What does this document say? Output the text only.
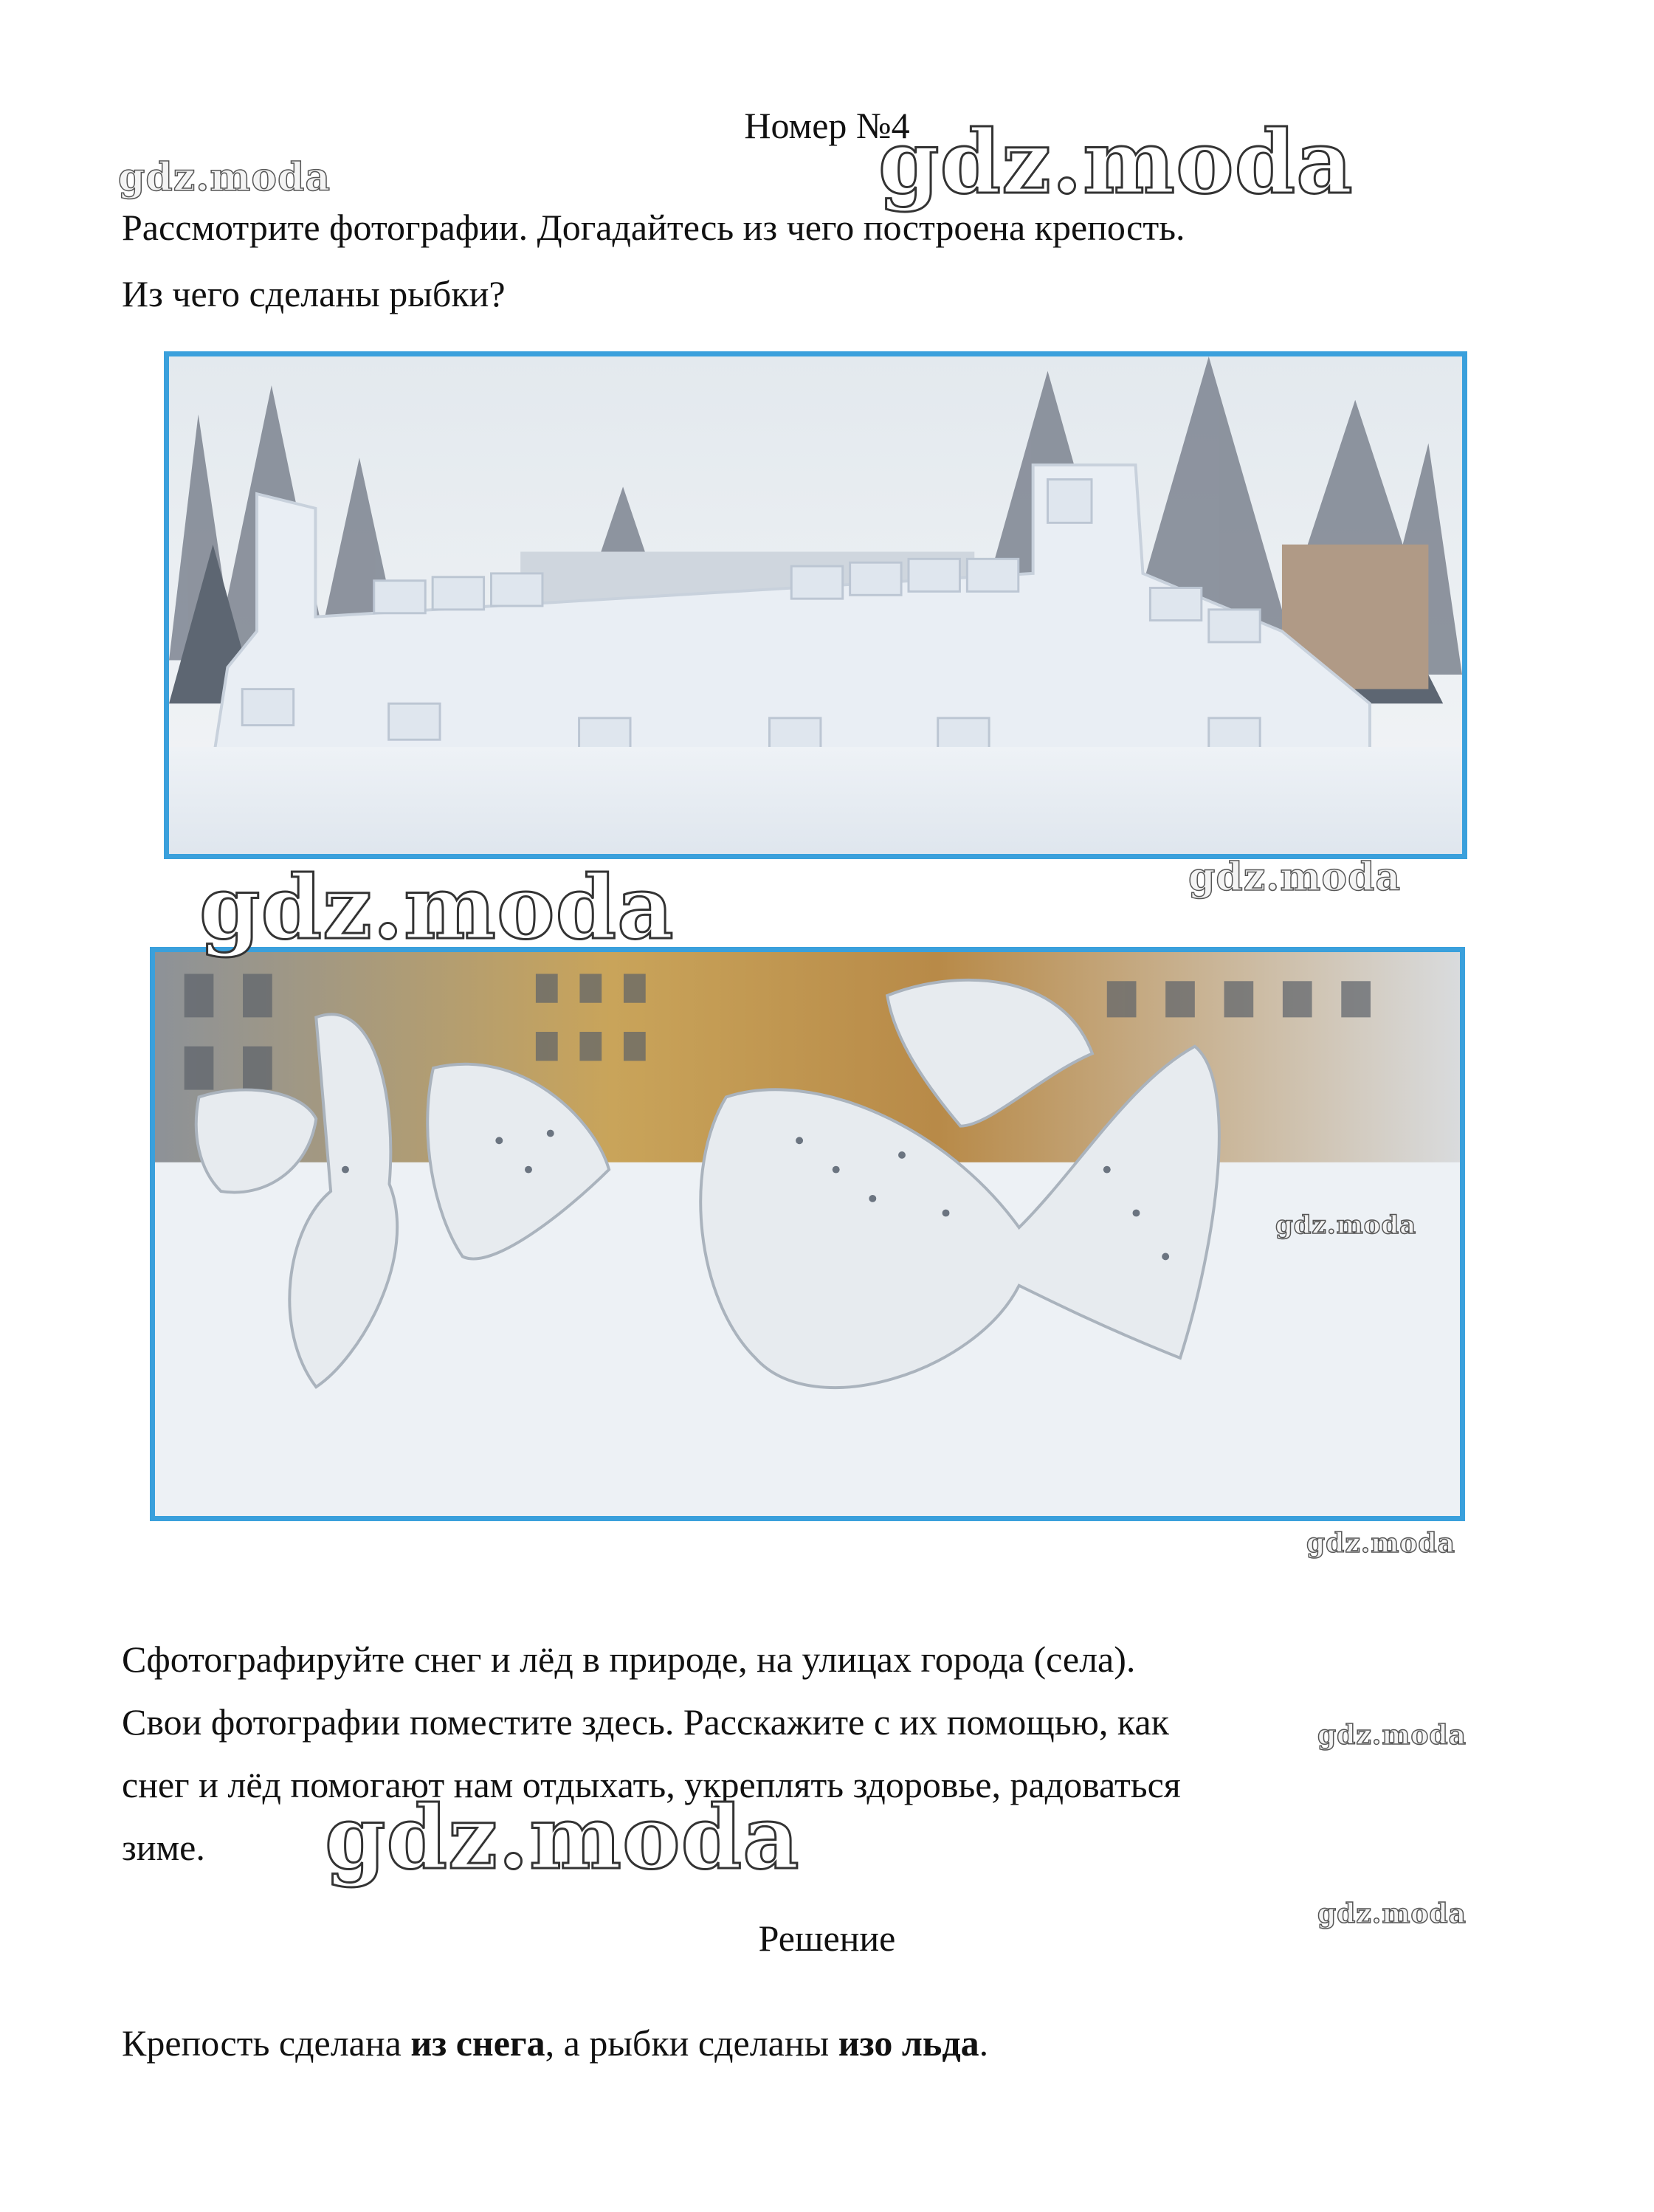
Номер №4
Рассмотрите фотографии. Догадайтесь из чего построена крепость.
Из чего сделаны рыбки?
Сфотографируйте снег и лёд в природе, на улицах города (села).
Свои фотографии поместите здесь. Расскажите с их помощью, как
снег и лёд помогают нам отдыхать, укреплять здоровье, радоваться
зиме.
Решение
Крепость сделана из снега, а рыбки сделаны изо льда.
gdz.moda	gdz.moda
gdz.moda
gdz.moda
gdz.moda
gdz.moda
gdz.moda
gdz.moda
gdz.moda
